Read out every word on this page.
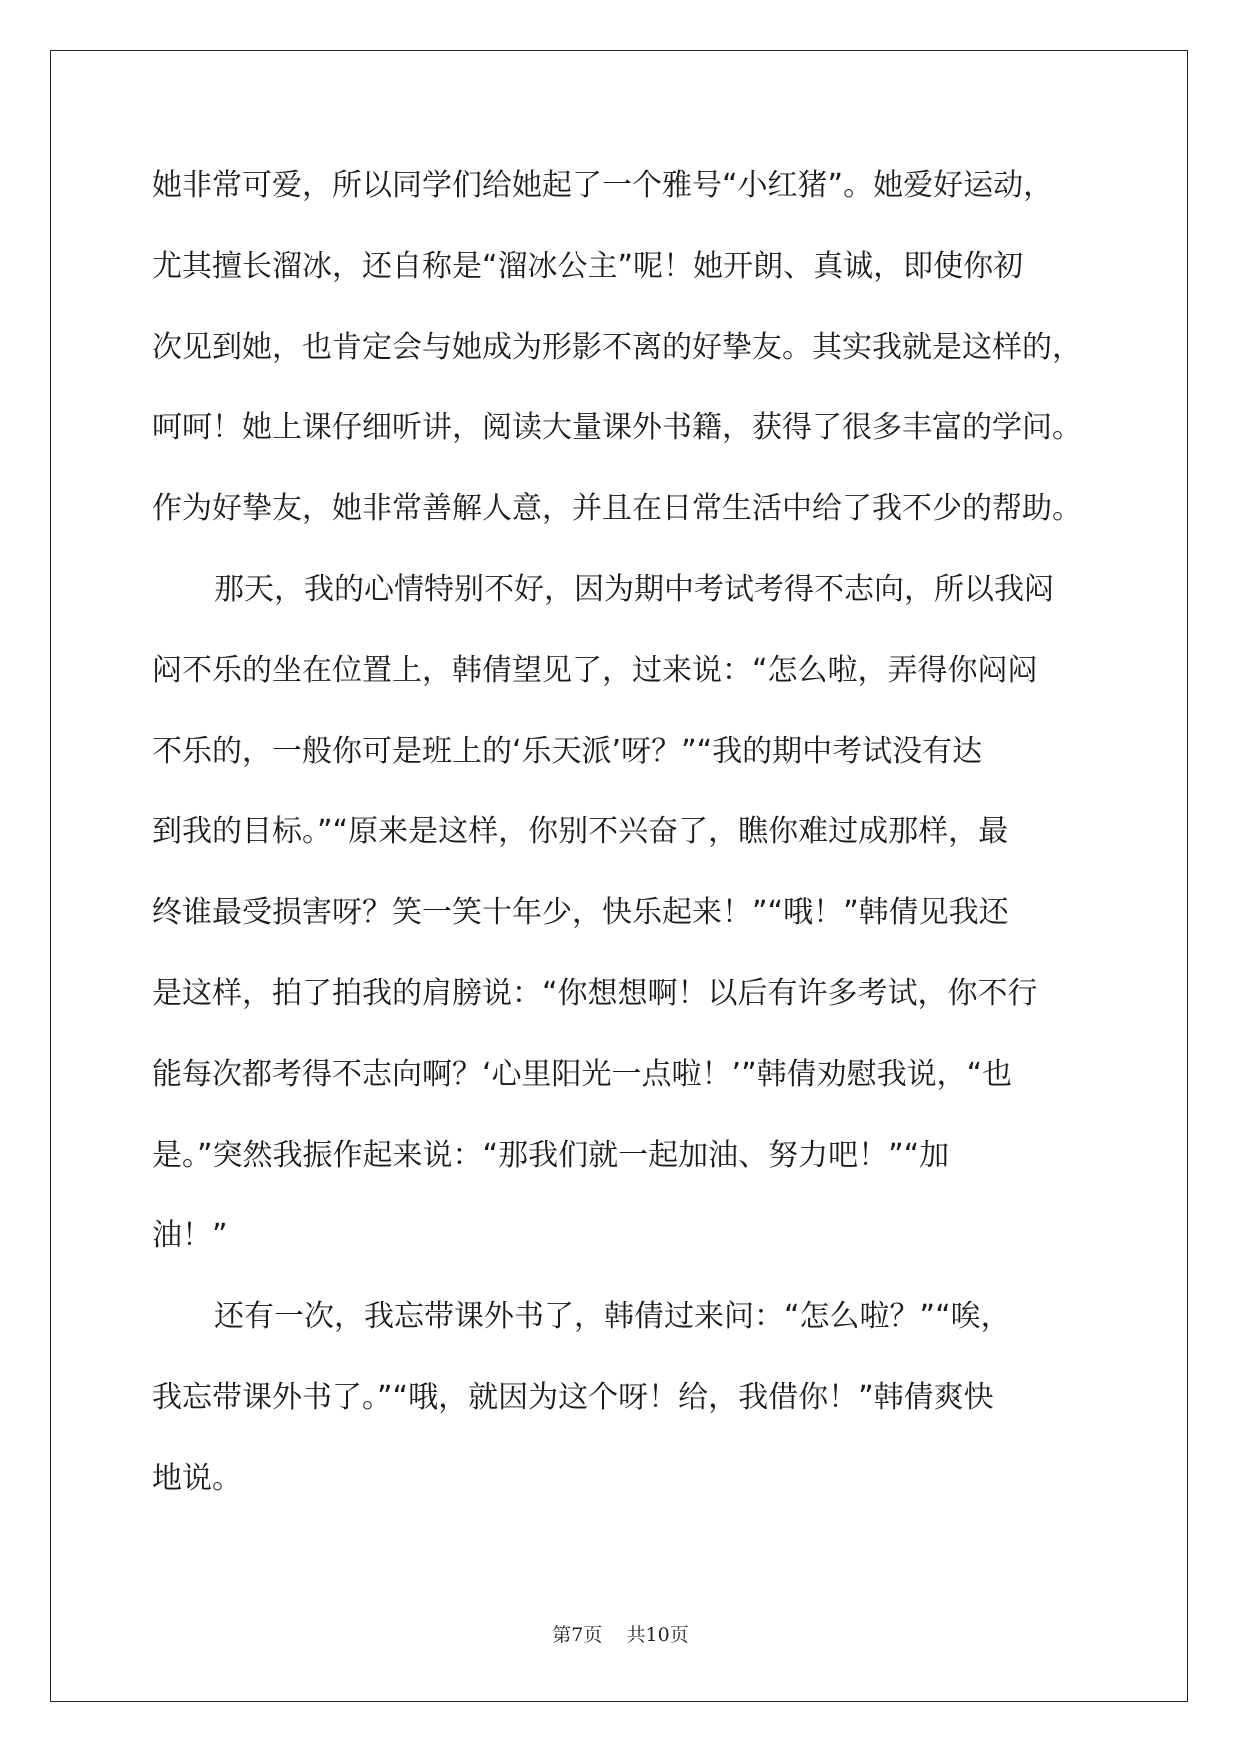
她非常可爱，所以同学们给她起了一个雅号“小红猪”。她爱好运动，
尤其擅长溜冰，还自称是“溜冰公主”呢！她开朗、真诚，即使你初
次见到她，也肯定会与她成为形影不离的好挚友。其实我就是这样的，
呵呵！她上课仔细听讲，阅读大量课外书籍，获得了很多丰富的学问。
作为好挚友，她非常善解人意，并且在日常生活中给了我不少的帮助。
那天，我的心情特别不好，因为期中考试考得不志向，所以我闷
闷不乐的坐在位置上，韩倩望见了，过来说：“怎么啦，弄得你闷闷
不乐的，一般你可是班上的‘乐天派’呀？”“我的期中考试没有达
到我的目标。”“原来是这样，你别不兴奋了，瞧你难过成那样，最
终谁最受损害呀？笑一笑十年少，快乐起来！”“哦！”韩倩见我还
是这样，拍了拍我的肩膀说：“你想想啊！以后有许多考试，你不行
能每次都考得不志向啊？‘心里阳光一点啦！’”韩倩劝慰我说，“也
是。”突然我振作起来说：“那我们就一起加油、努力吧！”“加
油！”
还有一次，我忘带课外书了，韩倩过来问：“怎么啦？”“唉，
我忘带课外书了。”“哦，就因为这个呀！给，我借你！”韩倩爽快
地说。
第7页 共10页
